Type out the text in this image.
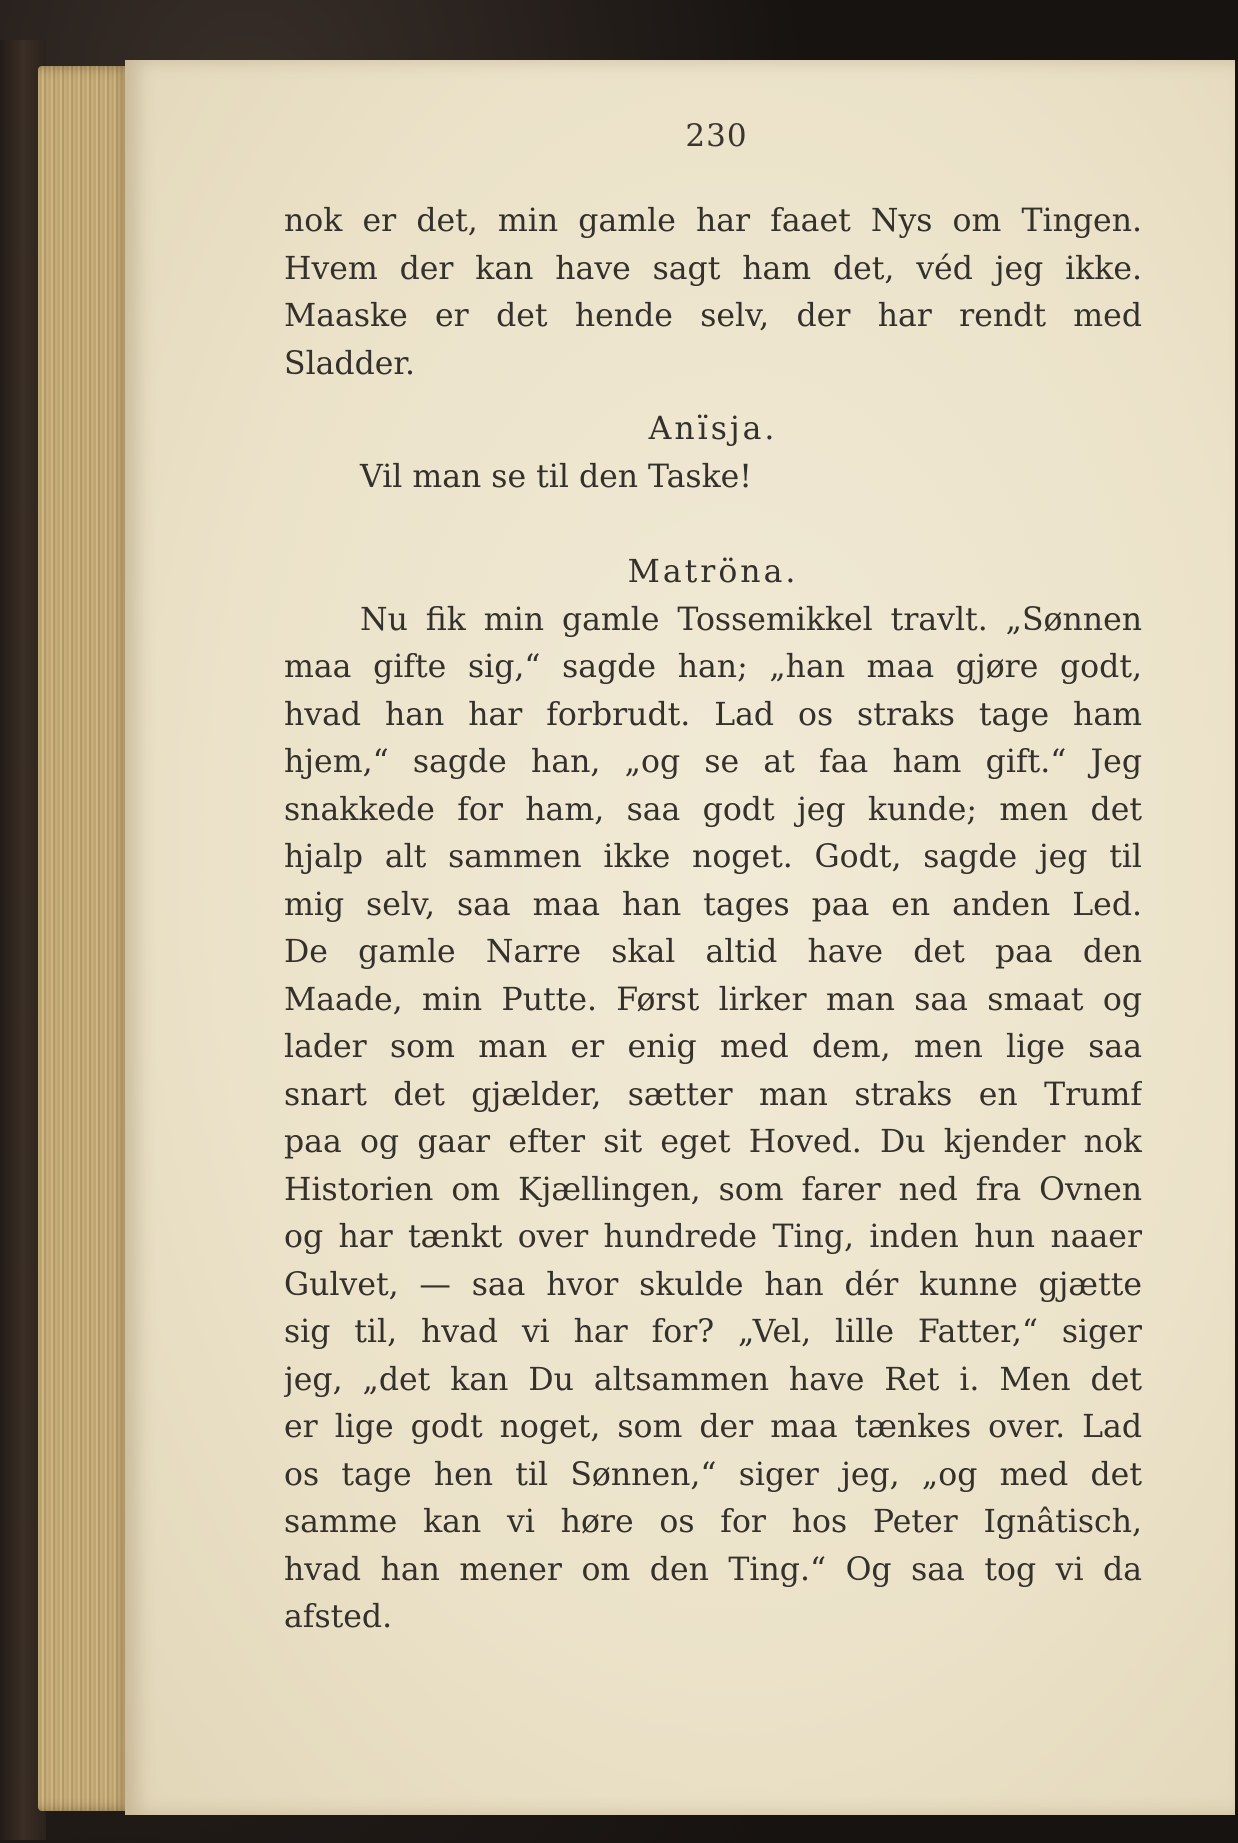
230

nok er det, min gamle har faaet Nys om Tingen.
Hvem der kan have sagt ham det, véd jeg ikke.
Maaske er det hende selv, der har rendt med
Sladder.
Anïsja.
Vil man se til den Taske!
Matröna.
Nu fik min gamle Tossemikkel travlt. „Sønnen
maa gifte sig,“ sagde han; „han maa gjøre godt,
hvad han har forbrudt. Lad os straks tage ham
hjem,“ sagde han, „og se at faa ham gift.“ Jeg
snakkede for ham, saa godt jeg kunde; men det
hjalp alt sammen ikke noget. Godt, sagde jeg til
mig selv, saa maa han tages paa en anden Led.
De gamle Narre skal altid have det paa den
Maade, min Putte. Først lirker man saa smaat og
lader som man er enig med dem, men lige saa
snart det gjælder, sætter man straks en Trumf
paa og gaar efter sit eget Hoved. Du kjender nok
Historien om Kjællingen, som farer ned fra Ovnen
og har tænkt over hundrede Ting, inden hun naaer
Gulvet, — saa hvor skulde han dér kunne gjætte
sig til, hvad vi har for? „Vel, lille Fatter,“ siger
jeg, „det kan Du altsammen have Ret i. Men det
er lige godt noget, som der maa tænkes over. Lad
os tage hen til Sønnen,“ siger jeg, „og med det
samme kan vi høre os for hos Peter Ignâtisch,
hvad han mener om den Ting.“ Og saa tog vi da
afsted.
